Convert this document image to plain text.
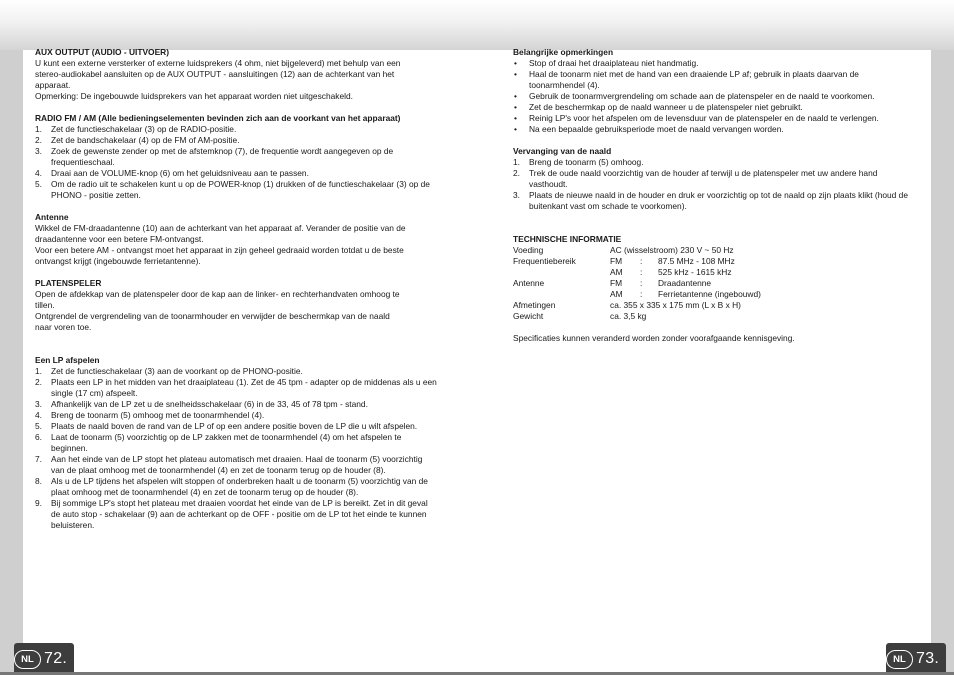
AUX OUTPUT (AUDIO - UITVOER)

U kunt een externe versterker of externe luidsprekers (4 ohm, niet bijgeleverd) met behulp van een

stereo-audiokabel aansluiten op de AUX OUTPUT - aansluitingen (12) aan de achterkant van het

apparaat.

Opmerking: De ingebouwde luidsprekers van het apparaat worden niet uitgeschakeld.

RADIO FM / AM (Alle bedieningselementen bevinden zich aan de voorkant van het apparaat)
1. Zet de functieschakelaar (3) op de RADIO-positie.
2. Zet de bandschakelaar (4) op de FM of AM-positie.
3. Zoek de gewenste zender op met de afstemknop (7), de frequentie wordt aangegeven op de frequentieschaal.
4. Draai aan de VOLUME-knop (6) om het geluidsniveau aan te passen.
5. Om de radio uit te schakelen kunt u op de POWER-knop (1) drukken of de functieschakelaar (3) op de PHONO - positie zetten.
Antenne

Wikkel de FM-draadantenne (10) aan de achterkant van het apparaat af. Verander de positie van de

draadantenne voor een betere FM-ontvangst.

Voor een betere AM - ontvangst moet het apparaat in zijn geheel gedraaid worden totdat u de beste

ontvangst krijgt (ingebouwde ferrietantenne).

PLATENSPELER

Open de afdekkap van de platenspeler door de kap aan de linker- en rechterhandvaten omhoog te

tillen.

Ontgrendel de vergrendeling van de toonarmhouder en verwijder de beschermkap van de naald

naar voren toe.

Een LP afspelen
1. Zet de functieschakelaar (3) aan de voorkant op de PHONO-positie.
2. Plaats een LP in het midden van het draaiplateau (1). Zet de 45 tpm - adapter op de middenas als u een single (17 cm) afspeelt.
3. Afhankelijk van de LP zet u de snelheidsschakelaar (6) in de 33, 45 of 78 tpm - stand.
4. Breng de toonarm (5) omhoog met de toonarmhendel (4).
5. Plaats de naald boven de rand van de LP of op een andere positie boven de LP die u wilt afspelen.
6. Laat de toonarm (5) voorzichtig op de LP zakken met de toonarmhendel (4) om het afspelen te beginnen.
7. Aan het einde van de LP stopt het plateau automatisch met draaien. Haal de toonarm (5) voorzichtig van de plaat omhoog met de toonarmhendel (4) en zet de toonarm terug op de houder (8).
8. Als u de LP tijdens het afspelen wilt stoppen of onderbreken haalt u de toonarm (5) voorzichtig van de plaat omhoog met de toonarmhendel (4) en zet de toonarm terug op de houder (8).
9. Bij sommige LP's stopt het plateau met draaien voordat het einde van de LP is bereikt. Zet in dit geval de auto stop - schakelaar (9) aan de achterkant op de OFF - positie om de LP tot het einde te kunnen beluisteren.
Belangrijke opmerkingen
• Stop of draai het draaiplateau niet handmatig.
• Haal de toonarm niet met de hand van een draaiende LP af; gebruik in plaats daarvan de toonarmhendel (4).
• Gebruik de toonarmvergrendeling om schade aan de platenspeler en de naald te voorkomen.
• Zet de beschermkap op de naald wanneer u de platenspeler niet gebruikt.
• Reinig LP's voor het afspelen om de levensduur van de platenspeler en de naald te verlengen.
• Na een bepaalde gebruiksperiode moet de naald vervangen worden.
Vervanging van de naald
1. Breng de toonarm (5) omhoog.
2. Trek de oude naald voorzichtig van de houder af terwijl u de platenspeler met uw andere hand vasthoudt.
3. Plaats de nieuwe naald in de houder en druk er voorzichtig op tot de naald op zijn plaats klikt (houd de buitenkant vast om schade te voorkomen).
TECHNISCHE INFORMATIE
Voeding	AC (wisselstroom) 230 V ~ 50 Hz		
Frequentiebereik	FM	:	87.5 MHz - 108 MHz
	AM	:	525 kHz - 1615 kHz
Antenne	FM	:	Draadantenne
	AM	:	Ferrietantenne (ingebouwd)
Afmetingen	ca. 355 x 335 x 175 mm (L x B x H)		
Gewicht	ca. 3,5 kg		

Specificaties kunnen veranderd worden zonder voorafgaande kennisgeving.

NL 72.	NL 73.
